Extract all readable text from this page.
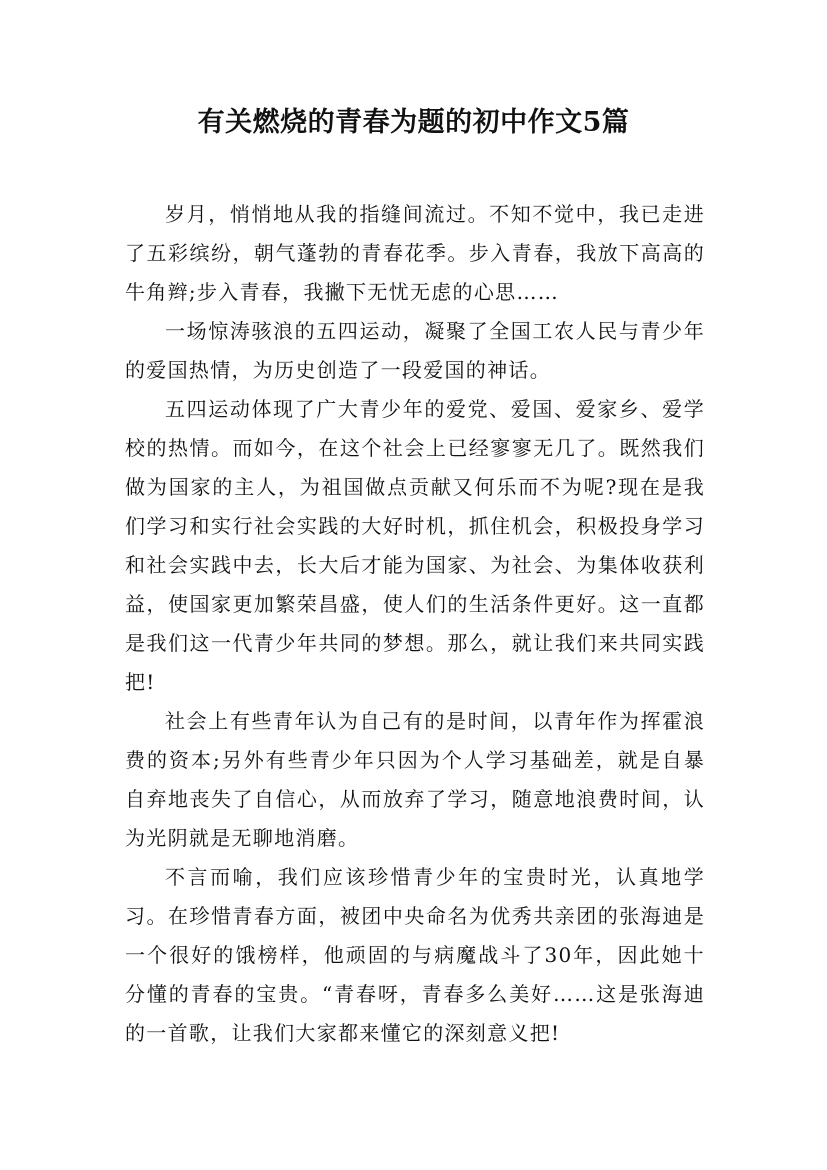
有关燃烧的青春为题的初中作文5篇

岁月，悄悄地从我的指缝间流过。不知不觉中，我已走进了五彩缤纷，朝气蓬勃的青春花季。步入青春，我放下高高的牛角辫;步入青春，我撇下无忧无虑的心思……

一场惊涛骇浪的五四运动，凝聚了全国工农人民与青少年的爱国热情，为历史创造了一段爱国的神话。

五四运动体现了广大青少年的爱党、爱国、爱家乡、爱学校的热情。而如今，在这个社会上已经寥寥无几了。既然我们做为国家的主人，为祖国做点贡献又何乐而不为呢?现在是我们学习和实行社会实践的大好时机，抓住机会，积极投身学习和社会实践中去，长大后才能为国家、为社会、为集体收获利益，使国家更加繁荣昌盛，使人们的生活条件更好。这一直都是我们这一代青少年共同的梦想。那么，就让我们来共同实践把!

社会上有些青年认为自己有的是时间，以青年作为挥霍浪费的资本;另外有些青少年只因为个人学习基础差，就是自暴自弃地丧失了自信心，从而放弃了学习，随意地浪费时间，认为光阴就是无聊地消磨。

不言而喻，我们应该珍惜青少年的宝贵时光，认真地学习。在珍惜青春方面，被团中央命名为优秀共亲团的张海迪是一个很好的饿榜样，他顽固的与病魔战斗了30年，因此她十分懂的青春的宝贵。“青春呀，青春多么美好……这是张海迪的一首歌，让我们大家都来懂它的深刻意义把!
